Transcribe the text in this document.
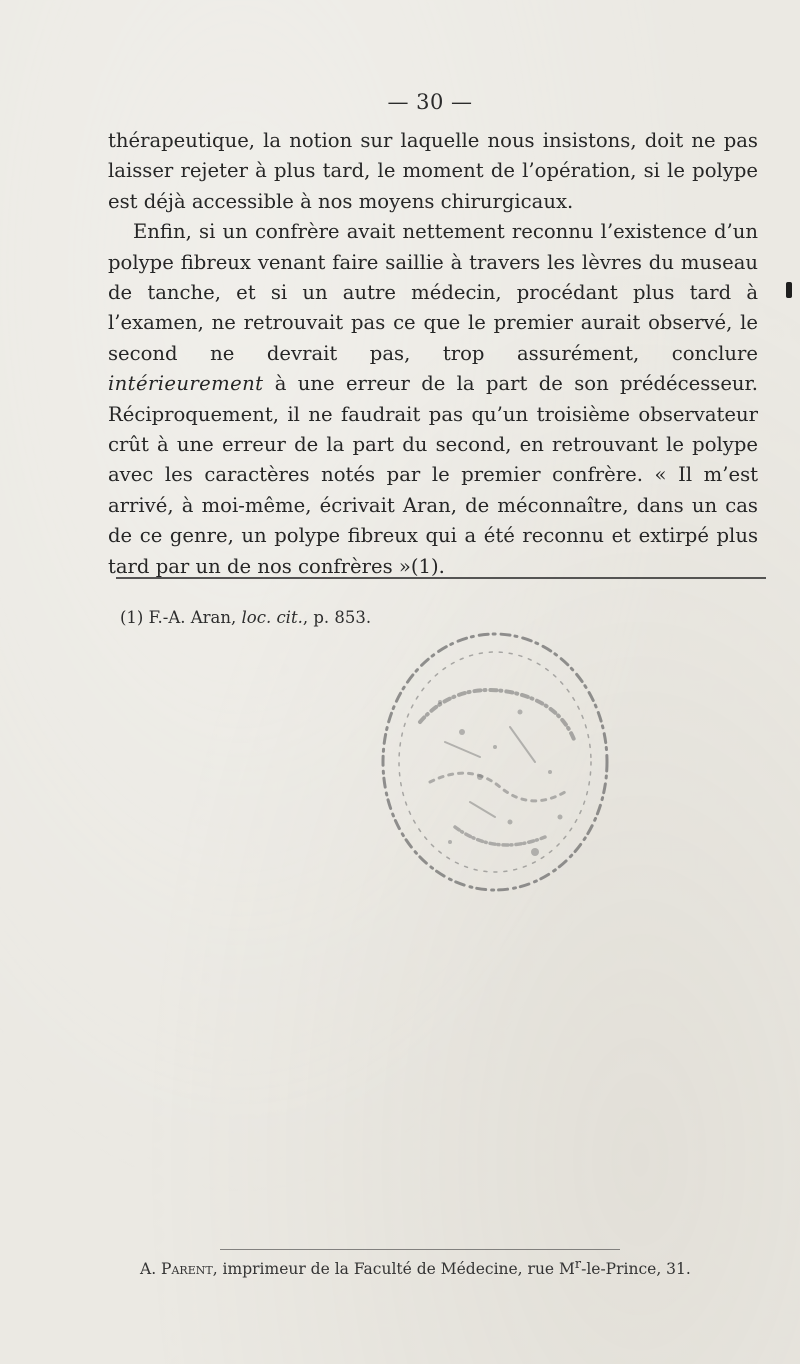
— 30 —

thérapeutique, la notion sur laquelle nous insistons, doit ne pas laisser rejeter à plus tard, le moment de l’opération, si le polype est déjà accessible à nos moyens chirurgicaux.

Enfin, si un confrère avait nettement reconnu l’existence d’un polype fibreux venant faire saillie à travers les lèvres du museau de tanche, et si un autre médecin, procédant plus tard à l’examen, ne retrouvait pas ce que le premier aurait observé, le second ne devrait pas, trop assurément, conclure intérieurement à une erreur de la part de son prédécesseur. Réciproquement, il ne faudrait pas qu’un troisième observateur crût à une erreur de la part du second, en retrouvant le polype avec les caractères notés par le premier confrère. « Il m’est arrivé, à moi-même, écrivait Aran, de méconnaître, dans un cas de ce genre, un polype fibreux qui a été reconnu et extirpé plus tard par un de nos confrères »(1).

(1) F.-A. Aran, loc. cit., p. 853.
A. Parent, imprimeur de la Faculté de Médecine, rue $M^r-le$-Prince, 31.
